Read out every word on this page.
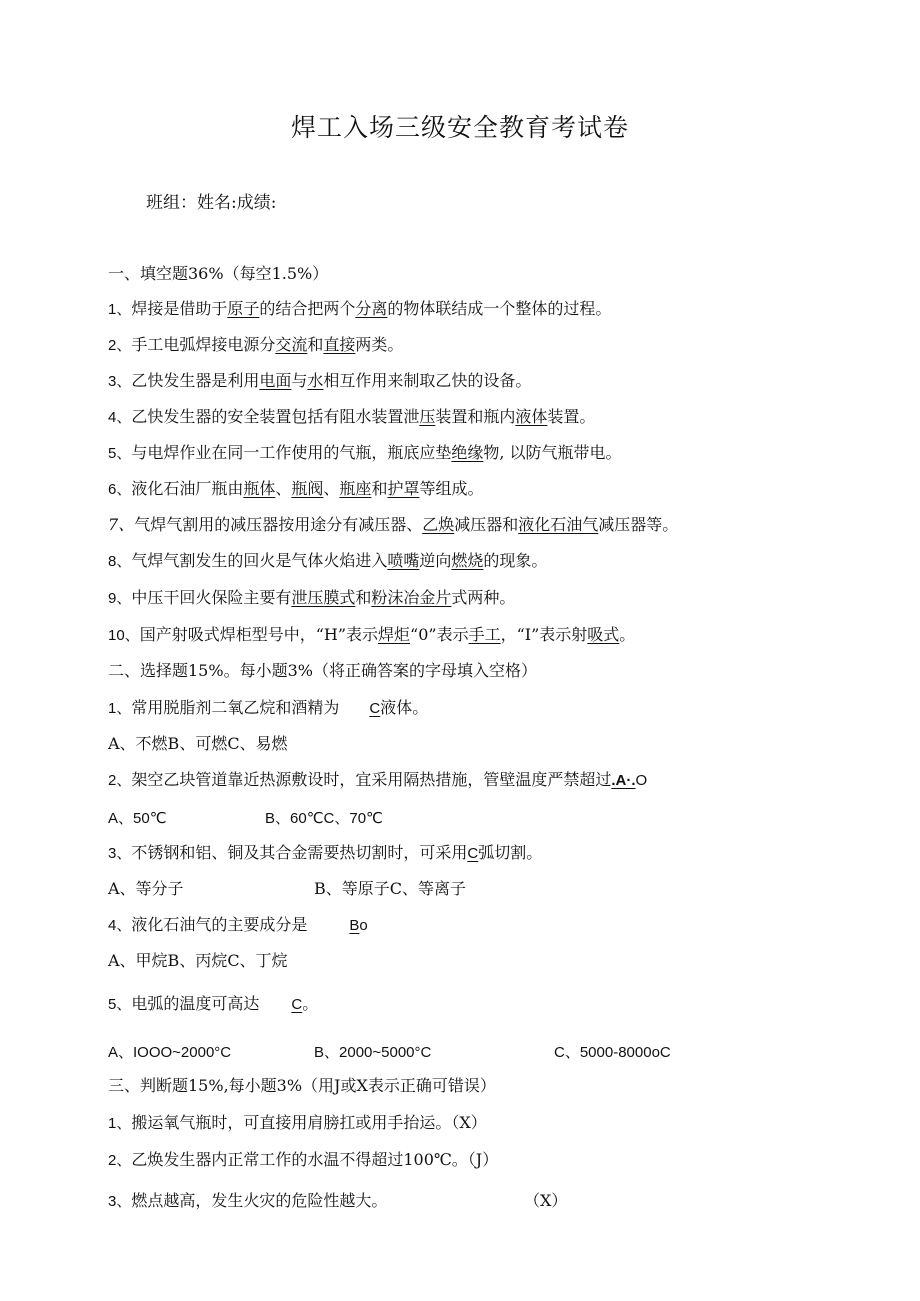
焊工入场三级安全教育考试卷
班组：姓名:成绩:
一、填空题36%（每空1.5%）
1、焊接是借助于原子的结合把两个分离的物体联结成一个整体的过程。
2、手工电弧焊接电源分交流和直接两类。
3、乙快发生器是利用电面与水相互作用来制取乙快的设备。
4、乙快发生器的安全装置包括有阻水装置泄压装置和瓶内液体装置。
5、与电焊作业在同一工作使用的气瓶，瓶底应垫绝缘物, 以防气瓶带电。
6、液化石油厂瓶由瓶体、瓶阀、瓶座和护罩等组成。
7、气焊气割用的减压器按用途分有减压器、乙焕减压器和液化石油气减压器等。
8、气焊气割发生的回火是气体火焰进入喷嘴逆向燃烧的现象。
9、中压干回火保险主要有泄压膜式和粉沫冶金片式两种。
10、国产射吸式焊柜型号中，“H”表示焊炬“0”表示手工，“I”表示射吸式。
二、选择题15%。每小题3%（将正确答案的字母填入空格）
1、常用脱脂剂二氧乙烷和酒精为 C液体。
A、不燃B、可燃C、易燃
2、架空乙块管道靠近热源敷设时，宜采用隔热措施，管壁温度严禁超过.A·.O
A、50℃	B、60℃C、70℃
3、不锈钢和铝、铜及其合金需要热切割时，可采用C弧切割。
A、等分子	B、等原子C、等离子
4、液化石油气的主要成分是	Bo
A、甲烷B、丙烷C、丁烷
5、电弧的温度可高达 C。
A、IOOO~2000°C	B、2000~5000°C	C、5000-8000oC
三、判断题15%,每小题3%（用J或X表示正确可错误）
1、搬运氧气瓶时，可直接用肩膀扛或用手抬运。（X）
2、乙焕发生器内正常工作的水温不得超过100℃。（J）
3、燃点越高，发生火灾的危险性越大。	（X）
